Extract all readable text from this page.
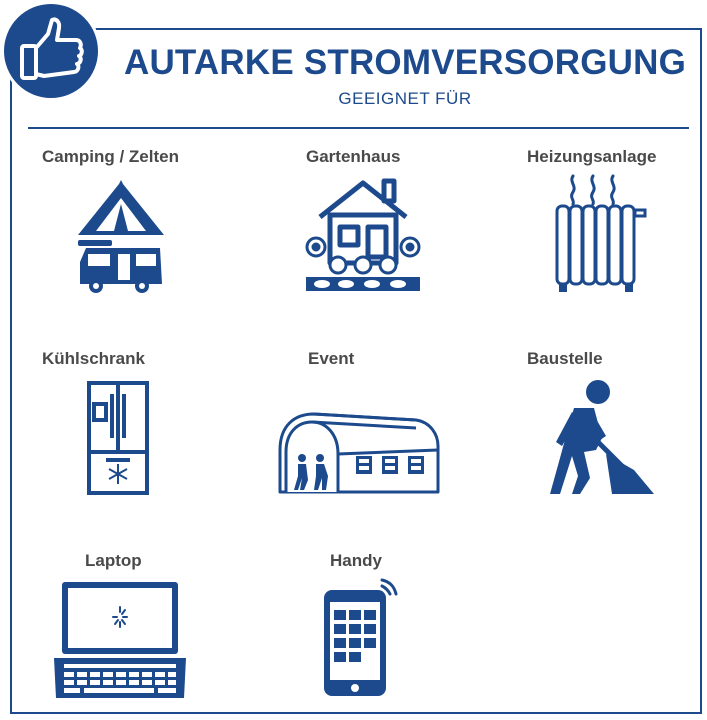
AUTARKE STROMVERSORGUNG
GEEIGNET FÜR
Camping / Zelten	Gartenhaus	Heizungsanlage
Kühlschrank	Event	Baustelle
Laptop	Handy
